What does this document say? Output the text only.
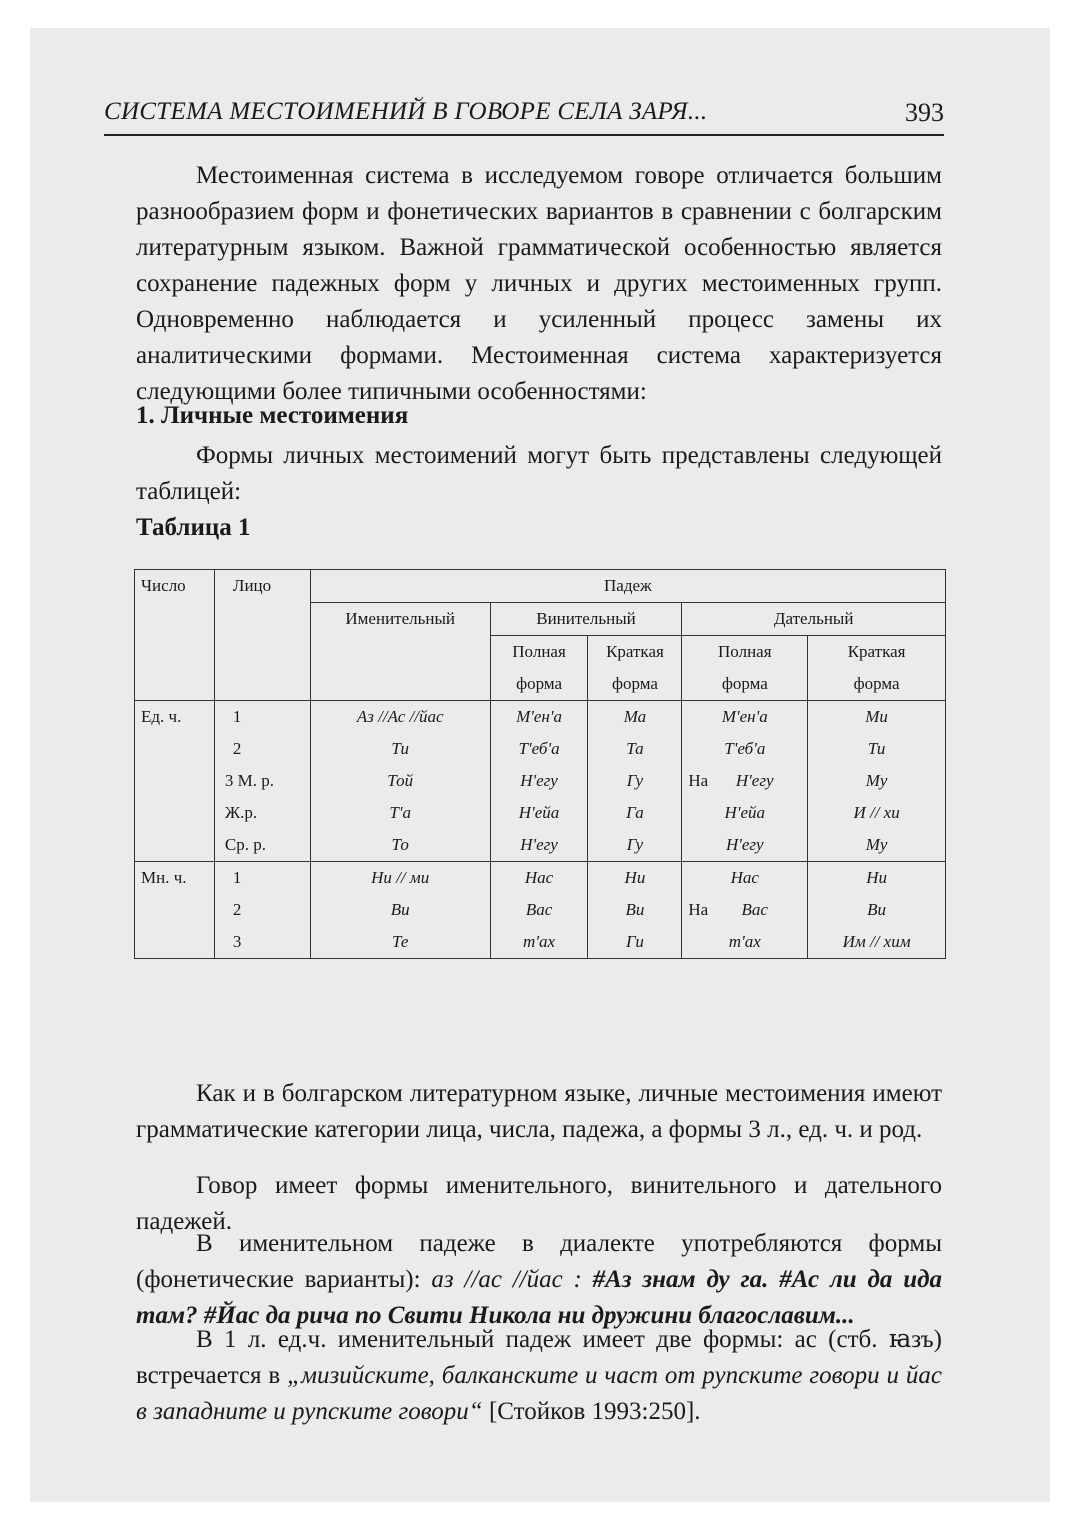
СИСТЕМА МЕСТОИМЕНИЙ В ГОВОРЕ СЕЛА ЗАРЯ...	393

Местоименная система в исследуемом говоре отличается большим разнообразием форм и фонетических вариантов в сравнении с болгарским литературным языком. Важной грамматической особенностью является сохранение падежных форм у личных и других местоименных групп. Одновременно наблюдается и усиленный процесс замены их аналитическими формами. Местоименная система характеризуется следующими более типичными особенностями:

1. Личные местоимения

Формы личных местоимений могут быть представлены следующей таблицей:

Таблица 1
Число	Лицо	Падеж				
		Именительный	Винительный		Дательный	
			Полная	Краткая	Полная	Краткая
			форма	форма	форма	форма
Ед. ч.	1	Аз //Ас //йас	М'ен'а	Ма	М'ен'а	Ми
	2	Ти	Т'еб'а	Та	Т'еб'а	Ти
	3 М. р.	Той	Н'егу	Гу	На Н'егу	Му
	Ж.р.	Т'а	Н'ейа	Га	Н'ейа	И // хи
	Ср. р.	То	Н'егу	Гу	Н'егу	Му
Мн. ч.	1	Ни // ми	Нас	Ни	Нас	Ни
	2	Ви	Вас	Ви	На Вас	Ви
	3	Те	т'ах	Ги	т'ах	Им // хим

Как и в болгарском литературном языке, личные местоимения имеют грамматические категории лица, числа, падежа, а формы 3 л., ед. ч. и род.

Говор имеет формы именительного, винительного и дательного падежей.

В именительном падеже в диалекте употребляются формы (фонетические варианты): аз //ас //йас : #Аз знам ду га. #Ас ли да ида там? #Йас да рича по Свити Никола ни дружини благославим...

В 1 л. ед.ч. именительный падеж имеет две формы: ас (стб. ꙗзъ) встречается в „мизийските, балканските и част от рупските говори и йас в западните и рупските говори“ [Стойков 1993:250].
